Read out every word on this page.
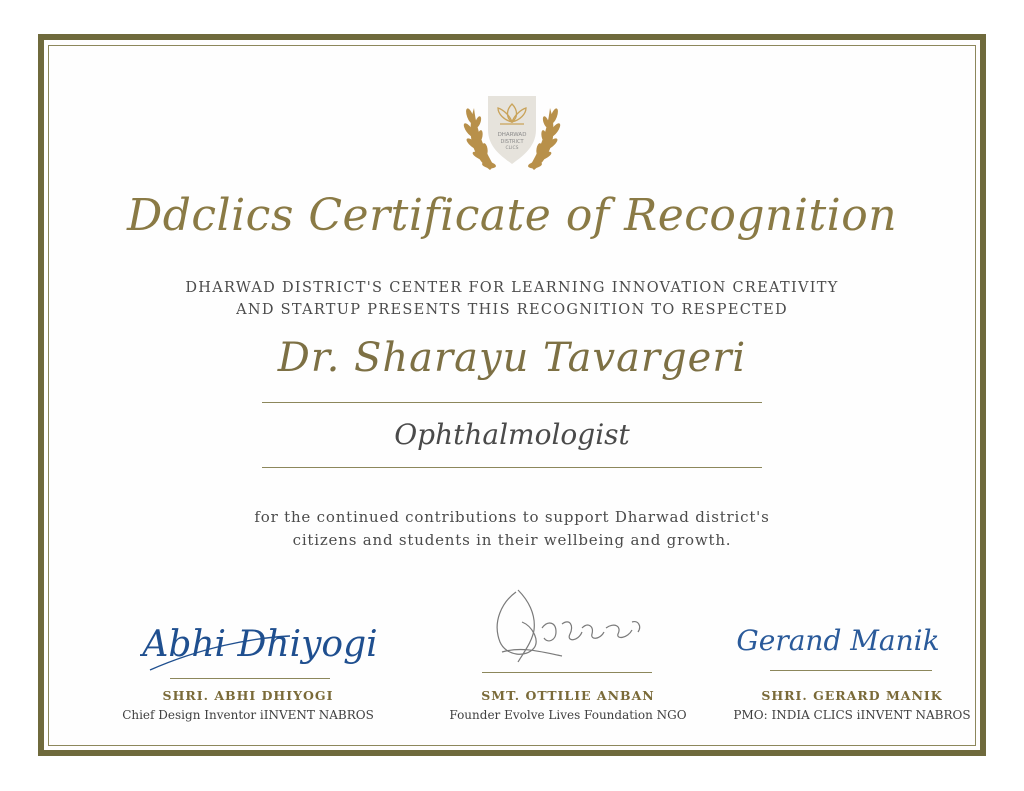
DHARWAD
DISTRICT
CLICS
Ddclics Certificate of Recognition
DHARWAD DISTRICT'S CENTER FOR LEARNING INNOVATION CREATIVITY
AND STARTUP PRESENTS THIS RECOGNITION TO RESPECTED
Dr. Sharayu Tavargeri
Ophthalmologist
for the continued contributions to support Dharwad district's
citizens and students in their wellbeing and growth.
Abhi Dhiyogi
SHRI. ABHI DHIYOGI
Chief Design Inventor iINVENT NABROS
SMT. OTTILIE ANBAN
Founder Evolve Lives Foundation NGO
Gerand Manik
SHRI. GERARD MANIK
PMO: INDIA CLICS iINVENT NABROS
